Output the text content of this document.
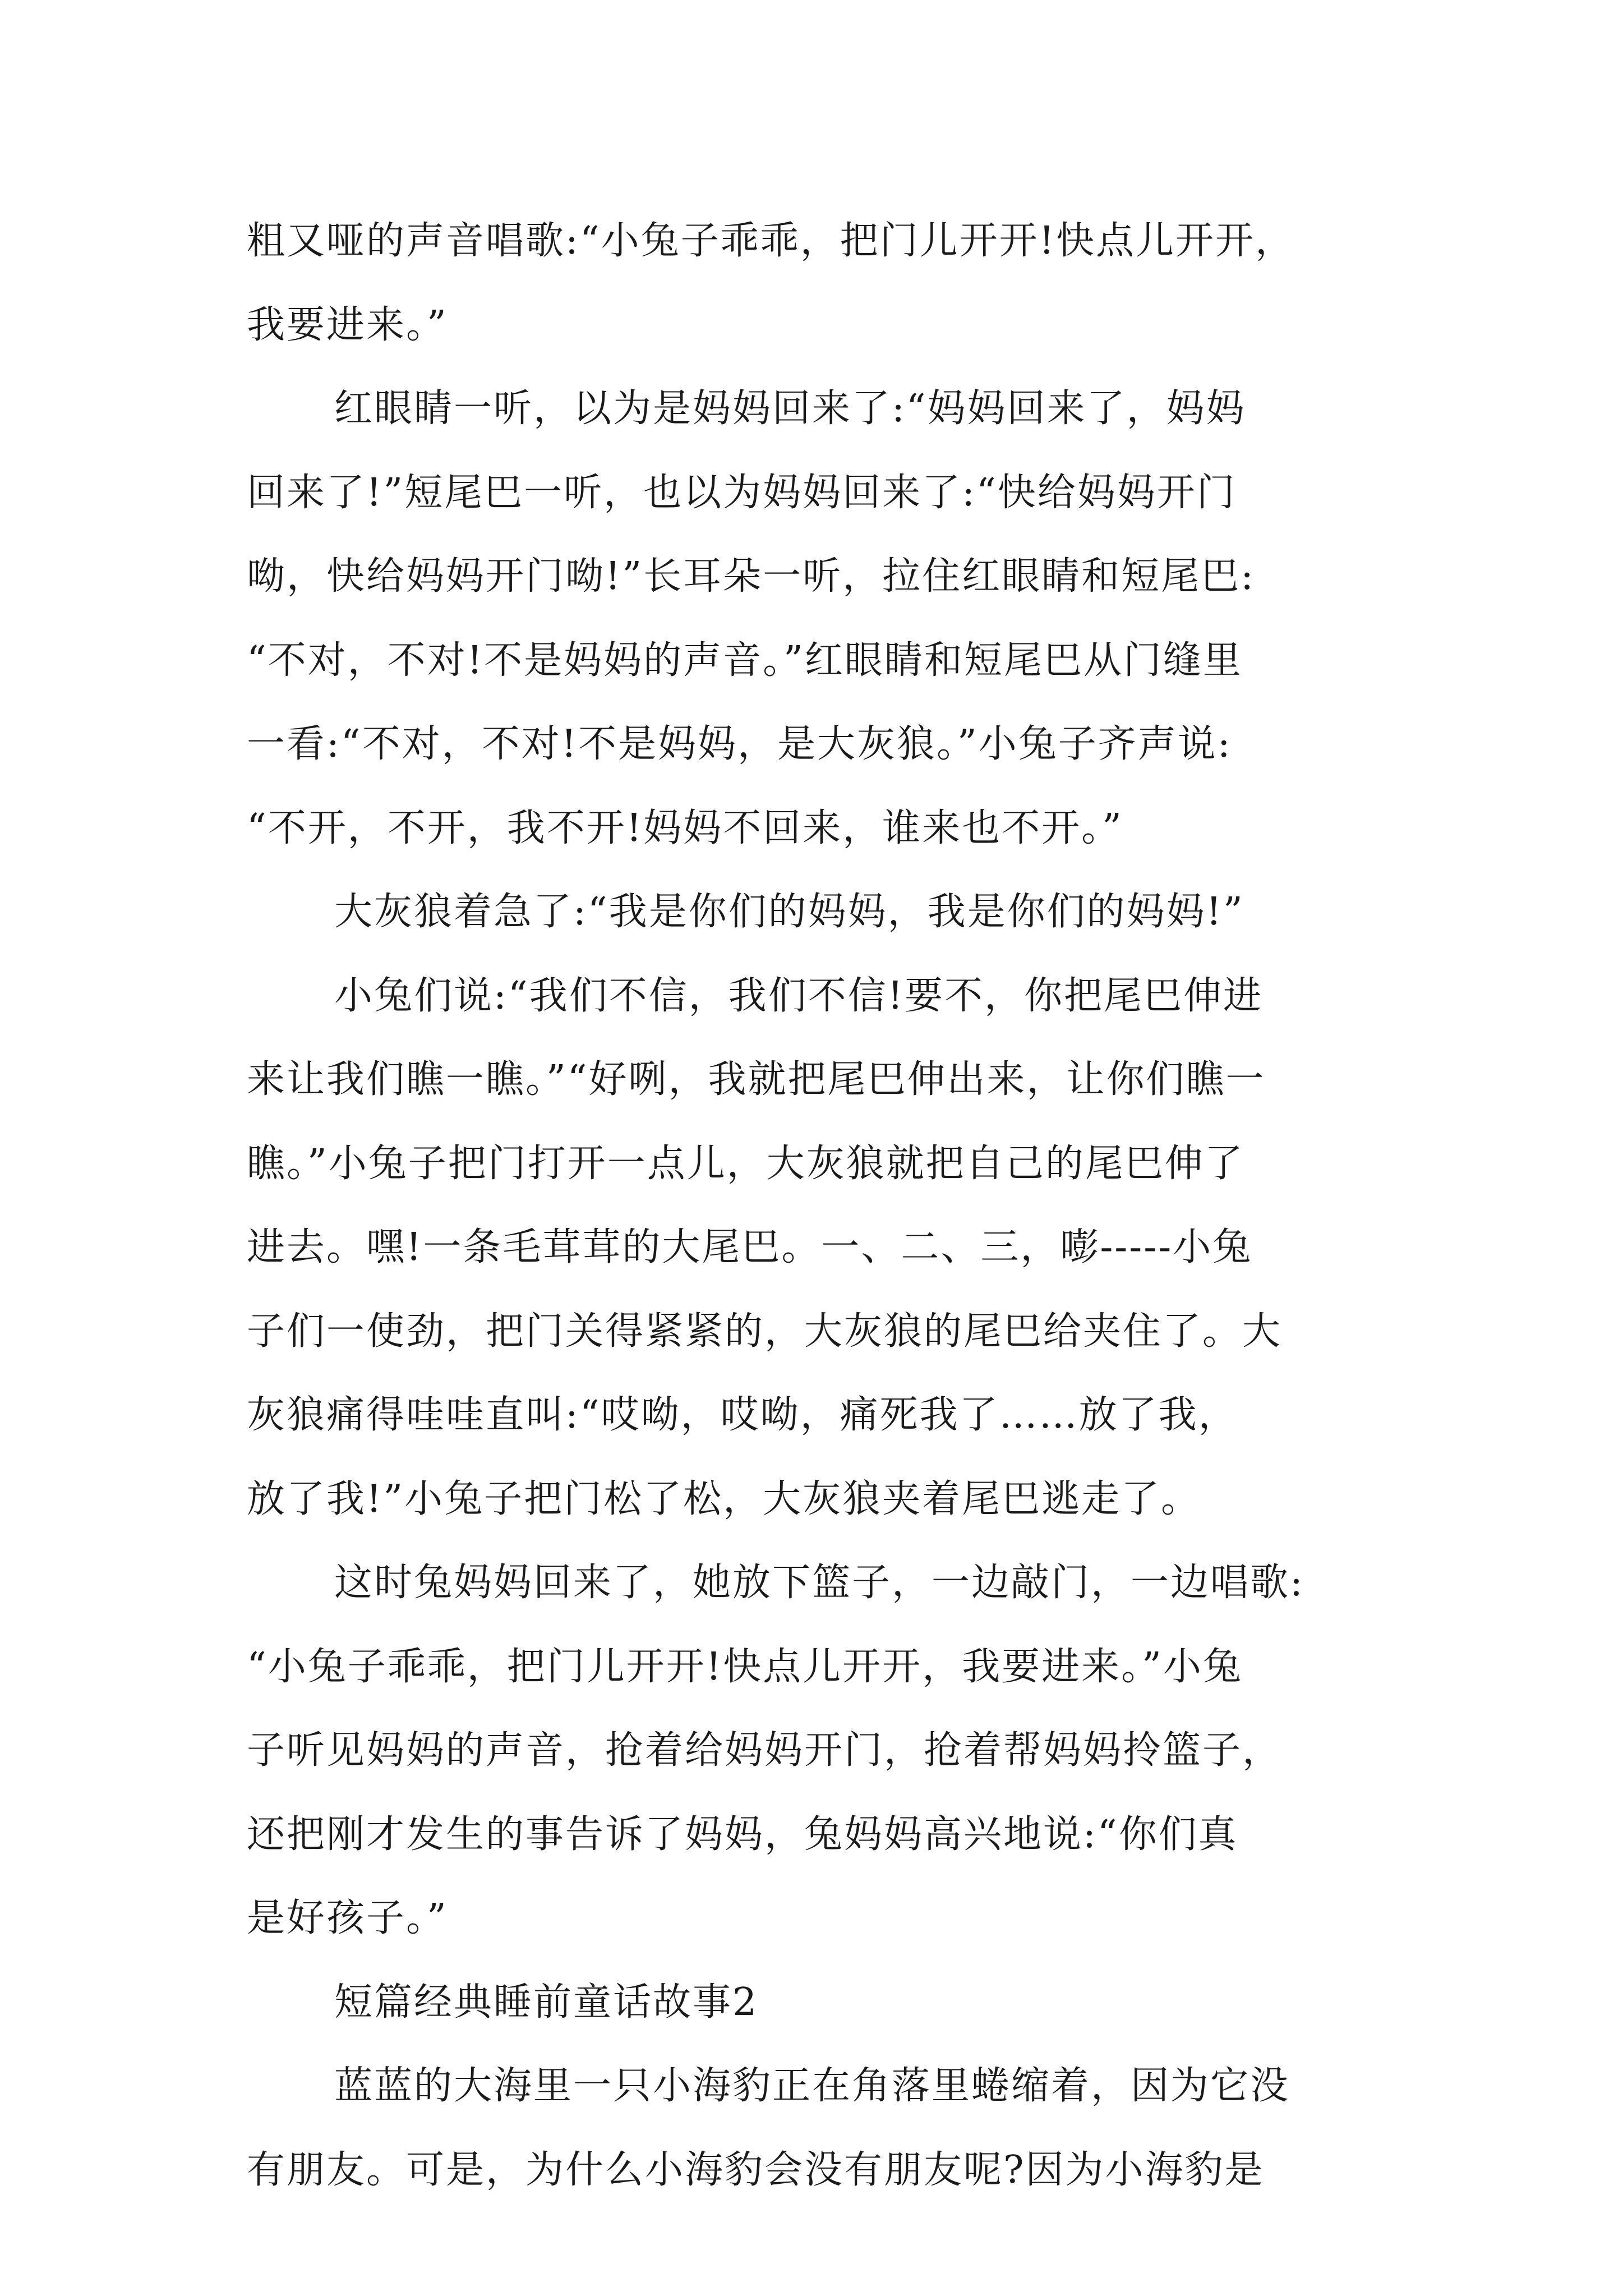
粗又哑的声音唱歌:“小兔子乖乖，把门儿开开!快点儿开开，
我要进来。”
红眼睛一听，以为是妈妈回来了:“妈妈回来了，妈妈
回来了!”短尾巴一听，也以为妈妈回来了:“快给妈妈开门
呦，快给妈妈开门呦!”长耳朵一听，拉住红眼睛和短尾巴:
“不对，不对!不是妈妈的声音。”红眼睛和短尾巴从门缝里
一看:“不对，不对!不是妈妈，是大灰狼。”小兔子齐声说:
“不开，不开，我不开!妈妈不回来，谁来也不开。”
大灰狼着急了:“我是你们的妈妈，我是你们的妈妈!”
小兔们说:“我们不信，我们不信!要不，你把尾巴伸进
来让我们瞧一瞧。”“好咧，我就把尾巴伸出来，让你们瞧一
瞧。”小兔子把门打开一点儿，大灰狼就把自己的尾巴伸了
进去。嘿!一条毛茸茸的大尾巴。一、二、三，嘭-----小兔
子们一使劲，把门关得紧紧的，大灰狼的尾巴给夹住了。大
灰狼痛得哇哇直叫:“哎呦，哎呦，痛死我了……放了我，
放了我!”小兔子把门松了松，大灰狼夹着尾巴逃走了。
这时兔妈妈回来了，她放下篮子，一边敲门，一边唱歌:
“小兔子乖乖，把门儿开开!快点儿开开，我要进来。”小兔
子听见妈妈的声音，抢着给妈妈开门，抢着帮妈妈拎篮子，
还把刚才发生的事告诉了妈妈，兔妈妈高兴地说:“你们真
是好孩子。”
短篇经典睡前童话故事2
蓝蓝的大海里一只小海豹正在角落里蜷缩着，因为它没
有朋友。可是，为什么小海豹会没有朋友呢?因为小海豹是
